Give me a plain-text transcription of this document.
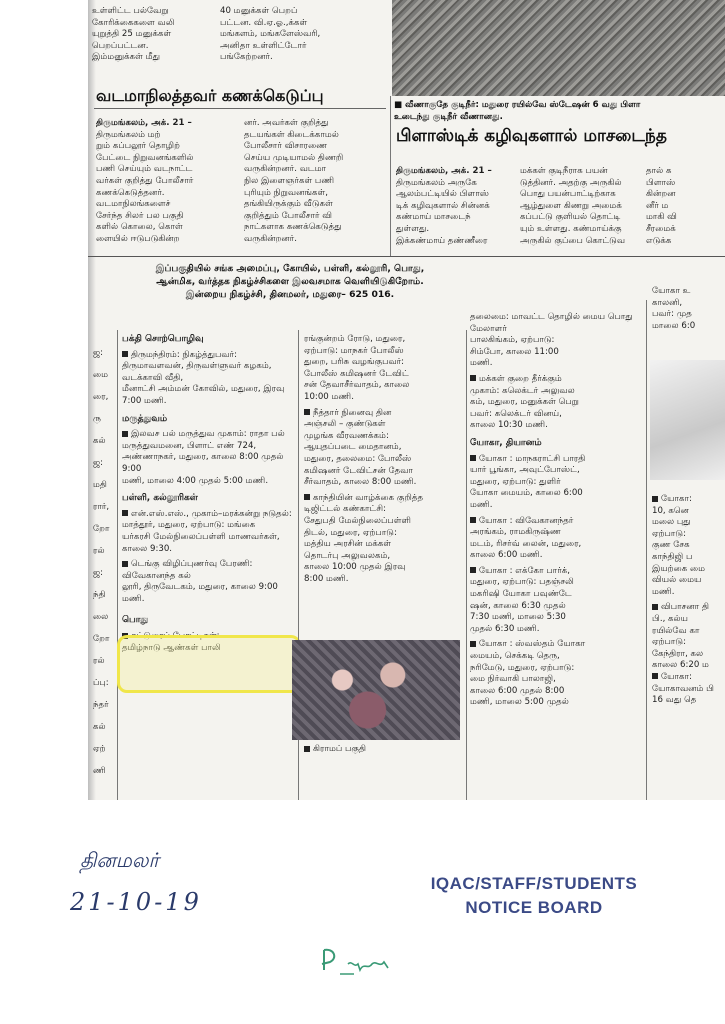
உள்ளிட்ட பல்வேறு
கோரிக்கைகளை வலி
யுறுத்தி 25 மனுக்கள்
பெறப்பட்டன.
இம்மனுக்கள் மீது
40 மனுக்கள் பெறப்
பட்டன. வி.ஏ.ஓ.,க்கள்
மங்களம், மங்களேஸ்வரி,
அனிதா உள்ளிட்டோர்
பங்கேற்றனர்.
வடமாநிலத்தவர் கணக்கெடுப்பு	■ வீணாகுதே குடிநீர்: மதுரை ரயில்வே ஸ்டேஷன் 6 வது பிளா
உடைந்து குடிநீர் வீணானது.
திருமங்கலம், அக். 21 –
திருமங்கலம் மற்
றும் கப்பலூர் தொழிற்
பேட்டை நிறுவனங்களில்
பணி செய்யும் வடநாட்ட
வர்கள் குறித்து போலீசார்
கணக்கெடுத்தனர்.
வடமாநிலங்களைச்
சேர்ந்த சிலர் பல பகுதி
களில் கொலை, கொள்
ளையில் ஈடுபடுகின்ற
னர். அவர்கள் குறித்து
தடயங்கள் கிடைக்காமல்
போலீசார் விசாரணை
செய்ய முடியாமல் திணறி
வருகின்றனர். வடமா
நில இளைஞர்கள் பணி
புரியும் நிறுவனங்கள்,
தங்கியிருக்கும் வீடுகள்
குறித்தும் போலீசார் வி
நாட்களாக கணக்கெடுத்து
வருகின்றனர்.
பிளாஸ்டிக் கழிவுகளால் மாசடைந்த
திருமங்கலம், அக். 21 –
திருமங்கலம் அருகே
ஆலம்பட்டியில் பிளாஸ்
டிக் கழிவுகளால் சின்னக்
கண்மாய் மாசடைந்
துள்ளது.
இக்கண்மாய் தண்ணீரை
மக்கள் குடிநீராக பயன்
டுத்தினர். அதற்கு அருகில்
பொது பயன்பாட்டிற்காக
ஆழ்துளை கிணறு அமைக்
கப்பட்டு குளியல் தொட்டி
யும் உள்ளது. கண்மாய்க்கு
அருகில் குப்பை கொட்டுவ
தால் க
பிளாஸ்
கின்றன
னீர் ம
மாகி வி
சீரமைக்
எடுக்க
இப்பகுதியில் சங்க அமைப்பு, கோயில், பள்ளி, கல்லூரி, பொது,
ஆன்மிக, வர்த்தக நிகழ்ச்சிகளை இலவசமாக வெளியிடுகிறோம்.
இன்றைய நிகழ்ச்சி, தினமலர், மதுரை– 625 016.
ஜ:
மை
ரை,
ரு
கல்
ஜ:
மதி
ரார்,
றோ
ரல்
ஜ:
ந்தி
லை
றோ
ரல்
ப்பு:
ந்தர்
கல்
ஏற்
ணி
பக்தி சொற்பொழிவு
திருமந்திரம்: நிகழ்த்துபவர்:
திருமாவளவன், திருவள்ளுவர் கழகம், வடக்காவி வீதி,
மீனாட்சி அம்மன் கோவில், மதுரை, இரவு 7:00 மணி.
மருத்துவம்
இலவச பல் மருத்துவ முகாம்: ராதா பல் மருத்துவமனை, பிளாட் எண் 724,
அண்ணாநகர், மதுரை, காலை 8:00 முதல் 9:00
மணி, மாலை 4:00 முதல் 5:00 மணி.
பள்ளி, கல்லூரிகள்
என்.எஸ்.எஸ்., முகாம்–மரக்கன்று நடுதல்: மாத்தூர், மதுரை, ஏற்பாடு: மங்கை
யர்கரசி மேல்நிலைப்பள்ளி மாணவர்கள், காலை 9:30.
டெங்கு விழிப்புணர்வு பேரணி: விவேகானந்த கல்
லூரி, திருவேடகம், மதுரை, காலை 9:00 மணி.
பொது
கட்டுரைப் போட்டிகள்:
தமிழ்நாடு ஆண்கள் பாலி
ரங்குன்றம் ரோடு, மதுரை,
ஏற்பாடு: மாநகர் போலீஸ்
துறை, பரிசு வழங்குபவர்:
போலீஸ் கமிஷனர் டேவிட்
சன் தேவாசீர்வாதம், காலை
10:00 மணி.
நீத்தார் நினைவு தின
அஞ்சலி – குண்டுகள்
முழங்க வீரவணக்கம்:
ஆயுதப்படை மைதானம்,
மதுரை, தலைமை: போலீஸ்
கமிஷனர் டேவிட்சன் தேவா
சீர்வாதம், காலை 8:00 மணி.
காந்தியின் வாழ்க்கை குறித்த
டிஜிட்டல் கண்காட்சி:
சேதுபதி மேல்நிலைப்பள்ளி
திடல், மதுரை, ஏற்பாடு:
மத்திய அரசின் மக்கள்
தொடர்பு அலுவலகம்,
காலை 10:00 முதல் இரவு
8:00 மணி.
கிராமப் பகுதி
தலைமை: மாவட்ட தொழில் மைய பொது மேலாளர்
பாலகிங்கம், ஏற்பாடு:
சிம்போ, காலை 11:00
மணி.
மக்கள் குறை தீர்க்கும்
முகாம்: கலெக்டர் அலுவல
கம், மதுரை, மனுக்கள் பெறு
பவர்: கலெக்டர் வினய்,
காலை 10:30 மணி.
யோகா, தியானம்
யோகா : மாநகராட்சி பாரதி
யார் பூங்கா, அவுட்போஸ்ட்,
மதுரை, ஏற்பாடு: துளிர்
யோகா மையம், காலை 6:00
மணி.
யோகா : விவேகானந்தர்
அரங்கம், ராமகிருஷ்ண
மடம், ரிசர்வ் லைன், மதுரை,
காலை 6:00 மணி.
யோகா : எக்கோ பார்க்,
மதுரை, ஏற்பாடு: பதஞ்சலி
மகரிஷி யோகா பவுண்டே
ஷன், காலை 6:30 முதல்
7:30 மணி, மாலை 5:30
முதல் 6:30 மணி.
யோகா : ஸ்வஸ்தம் யோகா
மையம், செக்கடி தெரு,
நரிமேடு, மதுரை, ஏற்பாடு:
மை நிர்வாகி பாலாஜி,
காலை 6:00 முதல் 8:00
மணி, மாலை 5:00 முதல்
யோகா உ
காலனி,
பவர்: முத
மாலை 6:0
யோகா:
10, கனெ
மலை புது
ஏற்பாடு:
குண சேக
காந்திஜி ப
இயற்கை மை
வியல் மைய
மணி.
விபாசனா தி
பி., கல்ய
ரயில்வே கா
ஏற்பாடு:
கேந்திரா, கல
காலை 6:20 ம
யோகா:
யோகாவனம் பி
16 வது தெ
தினமலர்
21-10-19
IQAC/STAFF/STUDENTS
NOTICE BOARD
